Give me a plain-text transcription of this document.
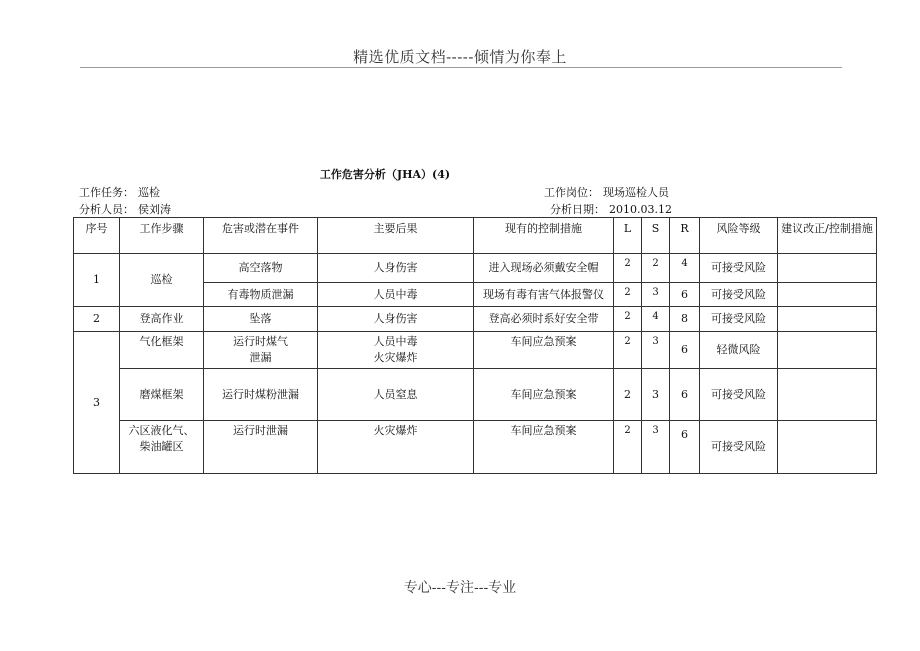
精选优质文档-----倾情为你奉上
工作危害分析（JHA）(4)
工作任务： 巡检	工作岗位： 现场巡检人员
分析人员： 侯刘涛	分析日期： 2010.03.12
序号	工作步骤	危害或潜在事件	主要后果	现有的控制措施	L	S	R	风险等级	建议改正/控制措施
1	巡检	高空落物	人身伤害	进入现场必须戴安全帽	2	2	4	可接受风险	
		有毒物质泄漏	人员中毒	现场有毒有害气体报警仪	2	3	6	可接受风险	
2	登高作业	坠落	人身伤害	登高必须时系好安全带	2	4	8	可接受风险	
3	气化框架	运行时煤气
泄漏	人员中毒
火灾爆炸	车间应急预案	2	3	6	轻微风险	
	磨煤框架	运行时煤粉泄漏	人员窒息	车间应急预案	2	3	6	可接受风险	
	六区液化气、
柴油罐区	运行时泄漏	火灾爆炸	车间应急预案	2	3	6	可接受风险	
专心---专注---专业
